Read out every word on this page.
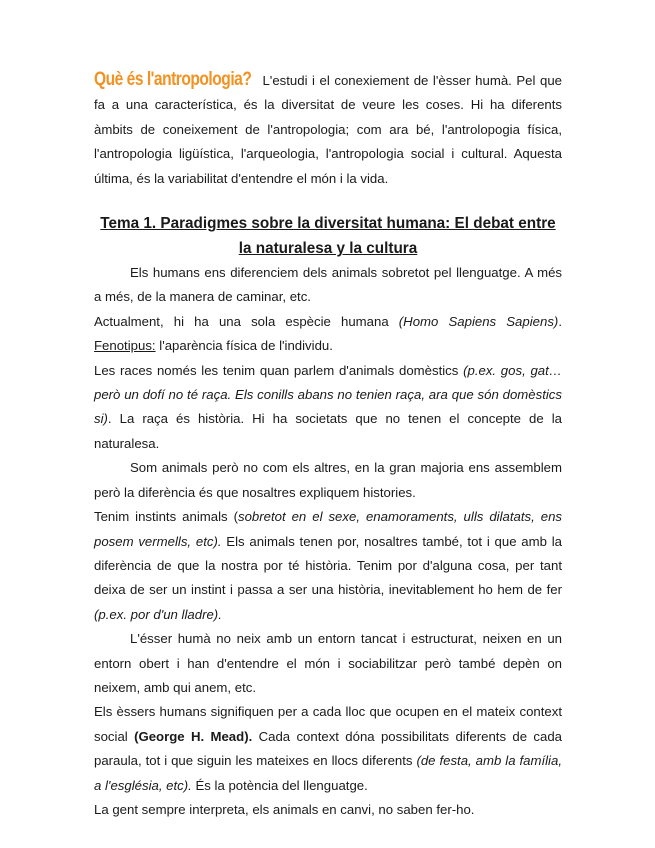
Què és l'antropologia? L'estudi i el conexiement de l'èsser humà. Pel que fa a una característica, és la diversitat de veure les coses. Hi ha diferents àmbits de coneixement de l'antropologia; com ara bé, l'antrolopogia física, l'antropologia ligüística, l'arqueologia, l'antropologia social i cultural. Aquesta última, és la variabilitat d'entendre el món i la vida.

Tema 1. Paradigmes sobre la diversitat humana: El debat entre la naturalesa y la cultura

Els humans ens diferenciem dels animals sobretot pel llenguatge. A més a més, de la manera de caminar, etc.

Actualment, hi ha una sola espècie humana (Homo Sapiens Sapiens). Fenotipus: l'aparència física de l'individu.

Les races només les tenim quan parlem d'animals domèstics (p.ex. gos, gat… però un dofí no té raça. Els conills abans no tenien raça, ara que són domèstics si). La raça és història. Hi ha societats que no tenen el concepte de la naturalesa.

Som animals però no com els altres, en la gran majoria ens assemblem però la diferència és que nosaltres expliquem histories.

Tenim instints animals (sobretot en el sexe, enamoraments, ulls dilatats, ens posem vermells, etc). Els animals tenen por, nosaltres també, tot i que amb la diferència de que la nostra por té història. Tenim por d'alguna cosa, per tant deixa de ser un instint i passa a ser una història, inevitablement ho hem de fer (p.ex. por d'un lladre).

L'ésser humà no neix amb un entorn tancat i estructurat, neixen en un entorn obert i han d'entendre el món i sociabilitzar però també depèn on neixem, amb qui anem, etc.

Els èssers humans signifiquen per a cada lloc que ocupen en el mateix context social (George H. Mead). Cada context dóna possibilitats diferents de cada paraula, tot i que siguin les mateixes en llocs diferents (de festa, amb la família, a l'església, etc). És la potència del llenguatge.

La gent sempre interpreta, els animals en canvi, no saben fer-ho.
